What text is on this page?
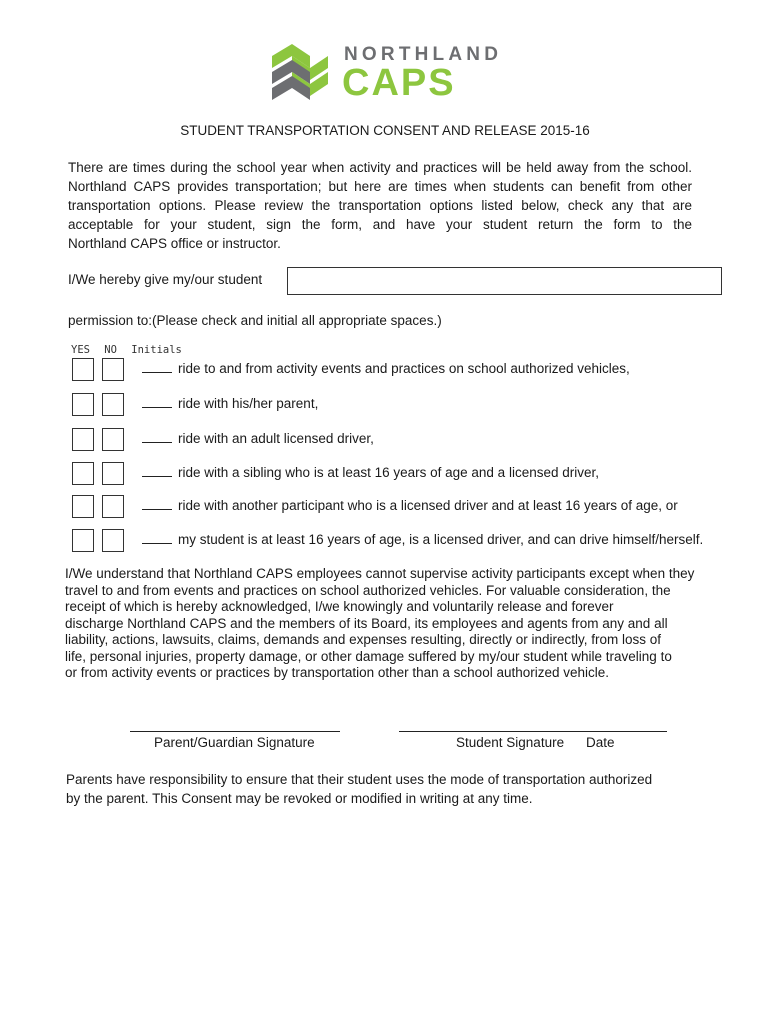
NORTHLAND
CAPS
STUDENT TRANSPORTATION CONSENT AND RELEASE 2015-16
There are times during the school year when activity and practices will be held away from the school.
Northland CAPS provides transportation; but here are times when students can benefit from other
transportation options. Please review the transportation options listed below, check any that are
acceptable for your student, sign the form, and have your student return the form to the
Northland CAPS office or instructor.
I/We hereby give my/our student
permission to:(Please check and initial all appropriate spaces.)
YES NO Initials
ride to and from activity events and practices on school authorized vehicles,
ride with his/her parent,
ride with an adult licensed driver,
ride with a sibling who is at least 16 years of age and a licensed driver,
ride with another participant who is a licensed driver and at least 16 years of age, or
my student is at least 16 years of age, is a licensed driver, and can drive himself/herself.
I/We understand that Northland CAPS employees cannot supervise activity participants except when they
travel to and from events and practices on school authorized vehicles. For valuable consideration, the
receipt of which is hereby acknowledged, I/we knowingly and voluntarily release and forever
discharge Northland CAPS and the members of its Board, its employees and agents from any and all
liability, actions, lawsuits, claims, demands and expenses resulting, directly or indirectly, from loss of
life, personal injuries, property damage, or other damage suffered by my/our student while traveling to
or from activity events or practices by transportation other than a school authorized vehicle.
Parent/Guardian Signature	Student Signature Date
Parents have responsibility to ensure that their student uses the mode of transportation authorized
by the parent. This Consent may be revoked or modified in writing at any time.
